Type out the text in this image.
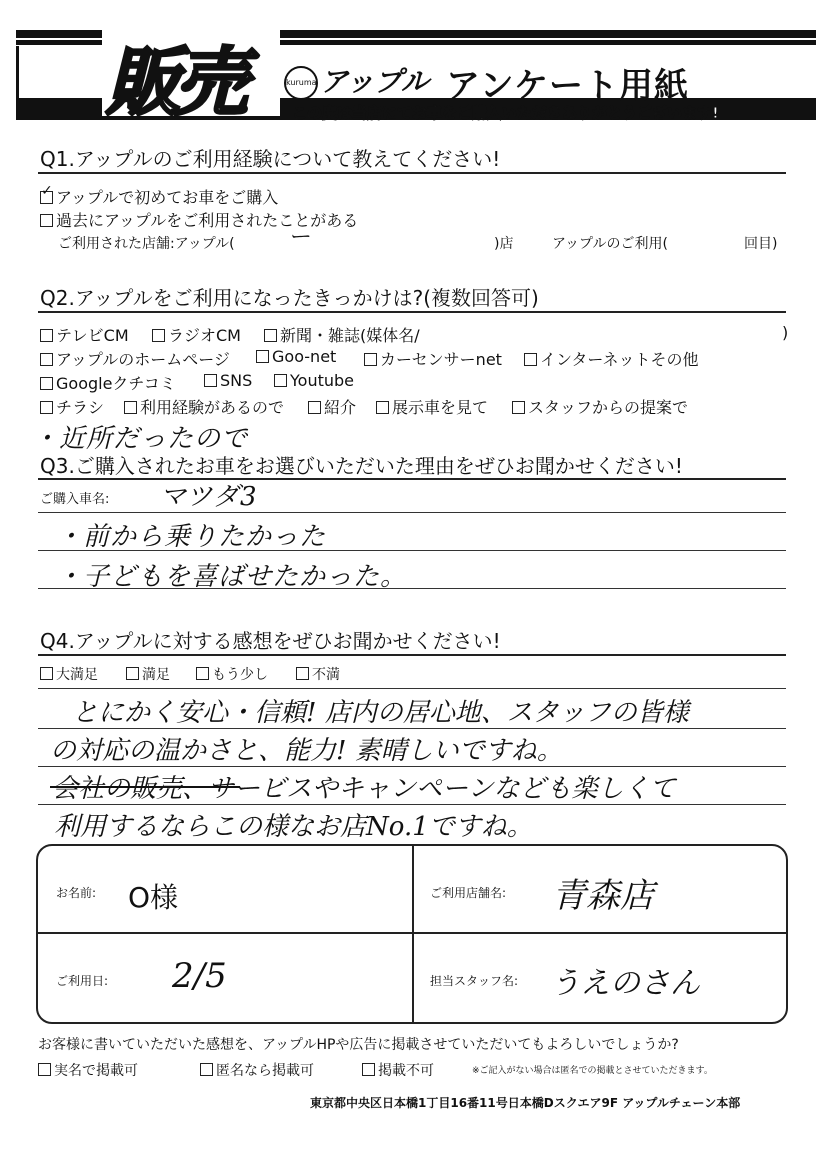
販売	kuruma アップル アンケート用紙
この度は当店にてお車をご購入いただきありがとうございます!
Q1.アップルのご利用経験について教えてください!
✓ アップルで初めてお車をご購入
過去にアップルをご利用されたことがある
ご利用された店舗:アップル( ー	)店	アップルのご利用(	回目)
Q2.アップルをご利用になったきっかけは?(複数回答可)
テレビCM	ラジオCM	新聞・雑誌(媒体名/	)
アップルのホームページ	Goo-net	カーセンサーnet	インターネットその他
Googleクチコミ	SNS	Youtube
チラシ	利用経験があるので	紹介	展示車を見て	スタッフからの提案で
・近所だったので
Q3.ご購入されたお車をお選びいただいた理由をぜひお聞かせください!
ご購入車名: マツダ3
・前から乗りたかった
・子どもを喜ばせたかった。
Q4.アップルに対する感想をぜひお聞かせください!
大満足	満足	もう少し	不満
とにかく安心・信頼! 店内の居心地、スタッフの皆様
の対応の温かさと、能力! 素晴しいですね。
会社の販売、サービスやキャンペーンなども楽しくて
利用するならこの様なお店No.1ですね。
お名前: O様	ご利用店舗名: 青森店
ご利用日: 2/5	担当スタッフ名: うえのさん
お客様に書いていただいた感想を、アップルHPや広告に掲載させていただいてもよろしいでしょうか?
実名で掲載可	匿名なら掲載可	掲載不可	※ご記入がない場合は匿名での掲載とさせていただきます。
東京都中央区日本橋1丁目16番11号日本橋Dスクエア9F アップルチェーン本部
